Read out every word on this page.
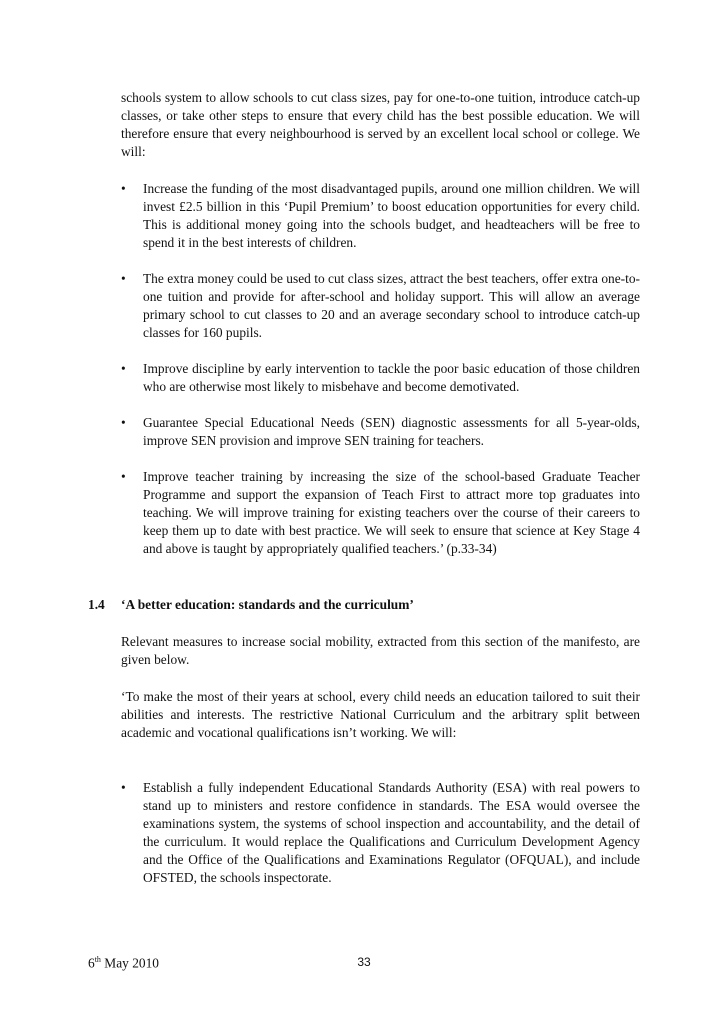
schools system to allow schools to cut class sizes, pay for one-to-one tuition, introduce catch-up classes, or take other steps to ensure that every child has the best possible education. We will therefore ensure that every neighbourhood is served by an excellent local school or college. We will:

• Increase the funding of the most disadvantaged pupils, around one million children. We will invest £2.5 billion in this ‘Pupil Premium’ to boost education opportunities for every child. This is additional money going into the schools budget, and headteachers will be free to spend it in the best interests of children.
• The extra money could be used to cut class sizes, attract the best teachers, offer extra one-to-one tuition and provide for after-school and holiday support. This will allow an average primary school to cut classes to 20 and an average secondary school to introduce catch-up classes for 160 pupils.
• Improve discipline by early intervention to tackle the poor basic education of those children who are otherwise most likely to misbehave and become demotivated.
• Guarantee Special Educational Needs (SEN) diagnostic assessments for all 5-year-olds, improve SEN provision and improve SEN training for teachers.
• Improve teacher training by increasing the size of the school-based Graduate Teacher Programme and support the expansion of Teach First to attract more top graduates into teaching. We will improve training for existing teachers over the course of their careers to keep them up to date with best practice. We will seek to ensure that science at Key Stage 4 and above is taught by appropriately qualified teachers.’ (p.33-34)
1.4 ‘A better education: standards and the curriculum’

Relevant measures to increase social mobility, extracted from this section of the manifesto, are given below.

‘To make the most of their years at school, every child needs an education tailored to suit their abilities and interests. The restrictive National Curriculum and the arbitrary split between academic and vocational qualifications isn’t working. We will:

• Establish a fully independent Educational Standards Authority (ESA) with real powers to stand up to ministers and restore confidence in standards. The ESA would oversee the examinations system, the systems of school inspection and accountability, and the detail of the curriculum. It would replace the Qualifications and Curriculum Development Agency and the Office of the Qualifications and Examinations Regulator (OFQUAL), and include OFSTED, the schools inspectorate.
6th May 2010	33
